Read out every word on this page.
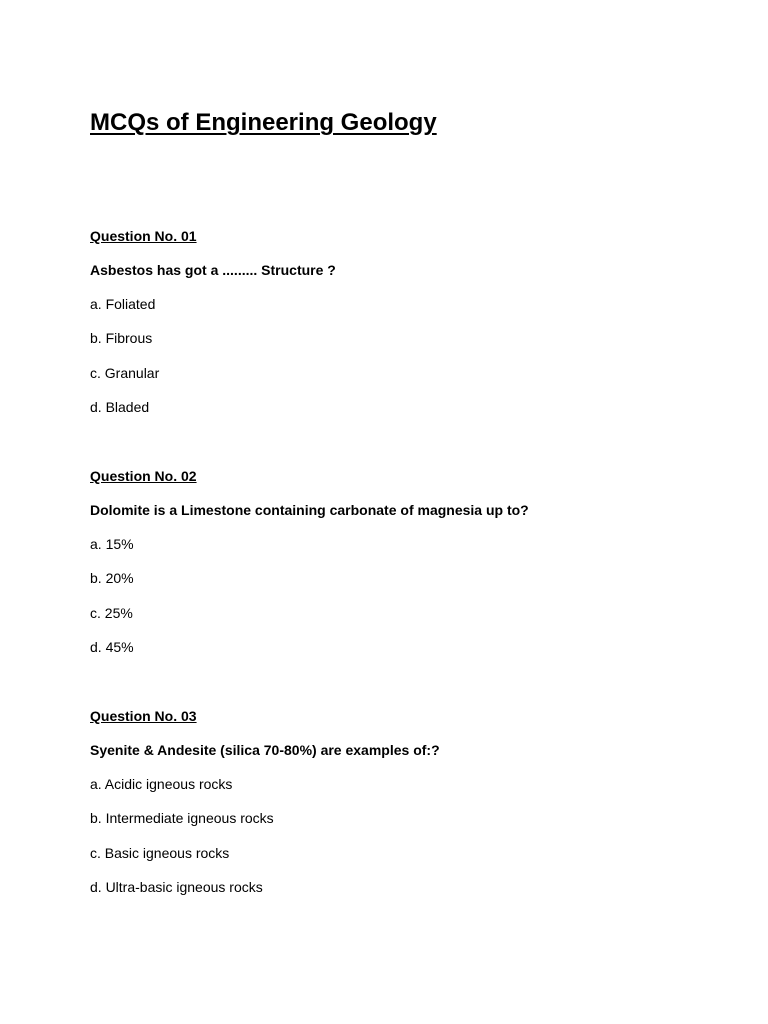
MCQs of Engineering Geology
Question No. 01
Asbestos has got a ......... Structure ?
a. Foliated
b. Fibrous
c. Granular
d. Bladed
Question No. 02
Dolomite is a Limestone containing carbonate of magnesia up to?
a. 15%
b. 20%
c. 25%
d. 45%
Question No. 03
Syenite & Andesite (silica 70-80%) are examples of:?
a. Acidic igneous rocks
b. Intermediate igneous rocks
c. Basic igneous rocks
d. Ultra-basic igneous rocks
